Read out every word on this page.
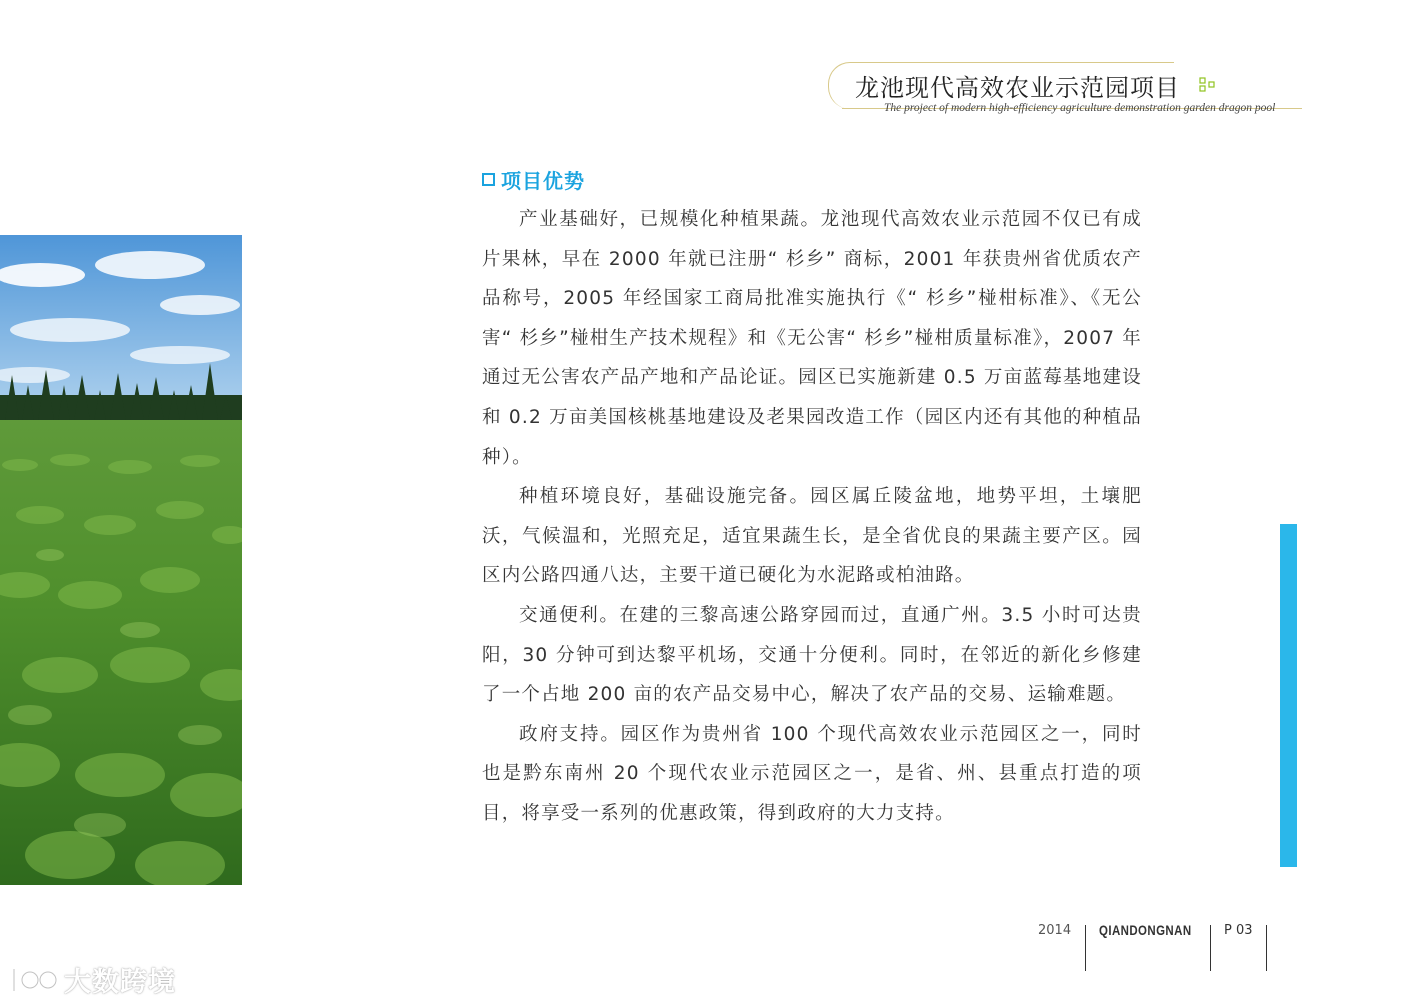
龙池现代高效农业示范园项目
The project of modern high-efficiency agriculture demonstration garden dragon pool
项目优势

产业基础好，已规模化种植果蔬。龙池现代高效农业示范园不仅已有成片果林，早在 2000 年就已注册“ 杉乡” 商标，2001 年获贵州省优质农产品称号，2005 年经国家工商局批准实施执行《“ 杉乡”椪柑标准》、《无公害“ 杉乡”椪柑生产技术规程》和《无公害“ 杉乡”椪柑质量标准》，2007 年通过无公害农产品产地和产品论证。园区已实施新建 0.5 万亩蓝莓基地建设和 0.2 万亩美国核桃基地建设及老果园改造工作（园区内还有其他的种植品种）。

种植环境良好，基础设施完备。园区属丘陵盆地，地势平坦，土壤肥沃，气候温和，光照充足，适宜果蔬生长，是全省优良的果蔬主要产区。园区内公路四通八达，主要干道已硬化为水泥路或柏油路。

交通便利。在建的三黎高速公路穿园而过，直通广州。3.5 小时可达贵阳，30 分钟可到达黎平机场，交通十分便利。同时，在邻近的新化乡修建了一个占地 200 亩的农产品交易中心，解决了农产品的交易、运输难题。

政府支持。园区作为贵州省 100 个现代高效农业示范园区之一，同时也是黔东南州 20 个现代农业示范园区之一，是省、州、县重点打造的项目，将享受一系列的优惠政策，得到政府的大力支持。

2014 QIANDONGNAN P 03
大数跨境
